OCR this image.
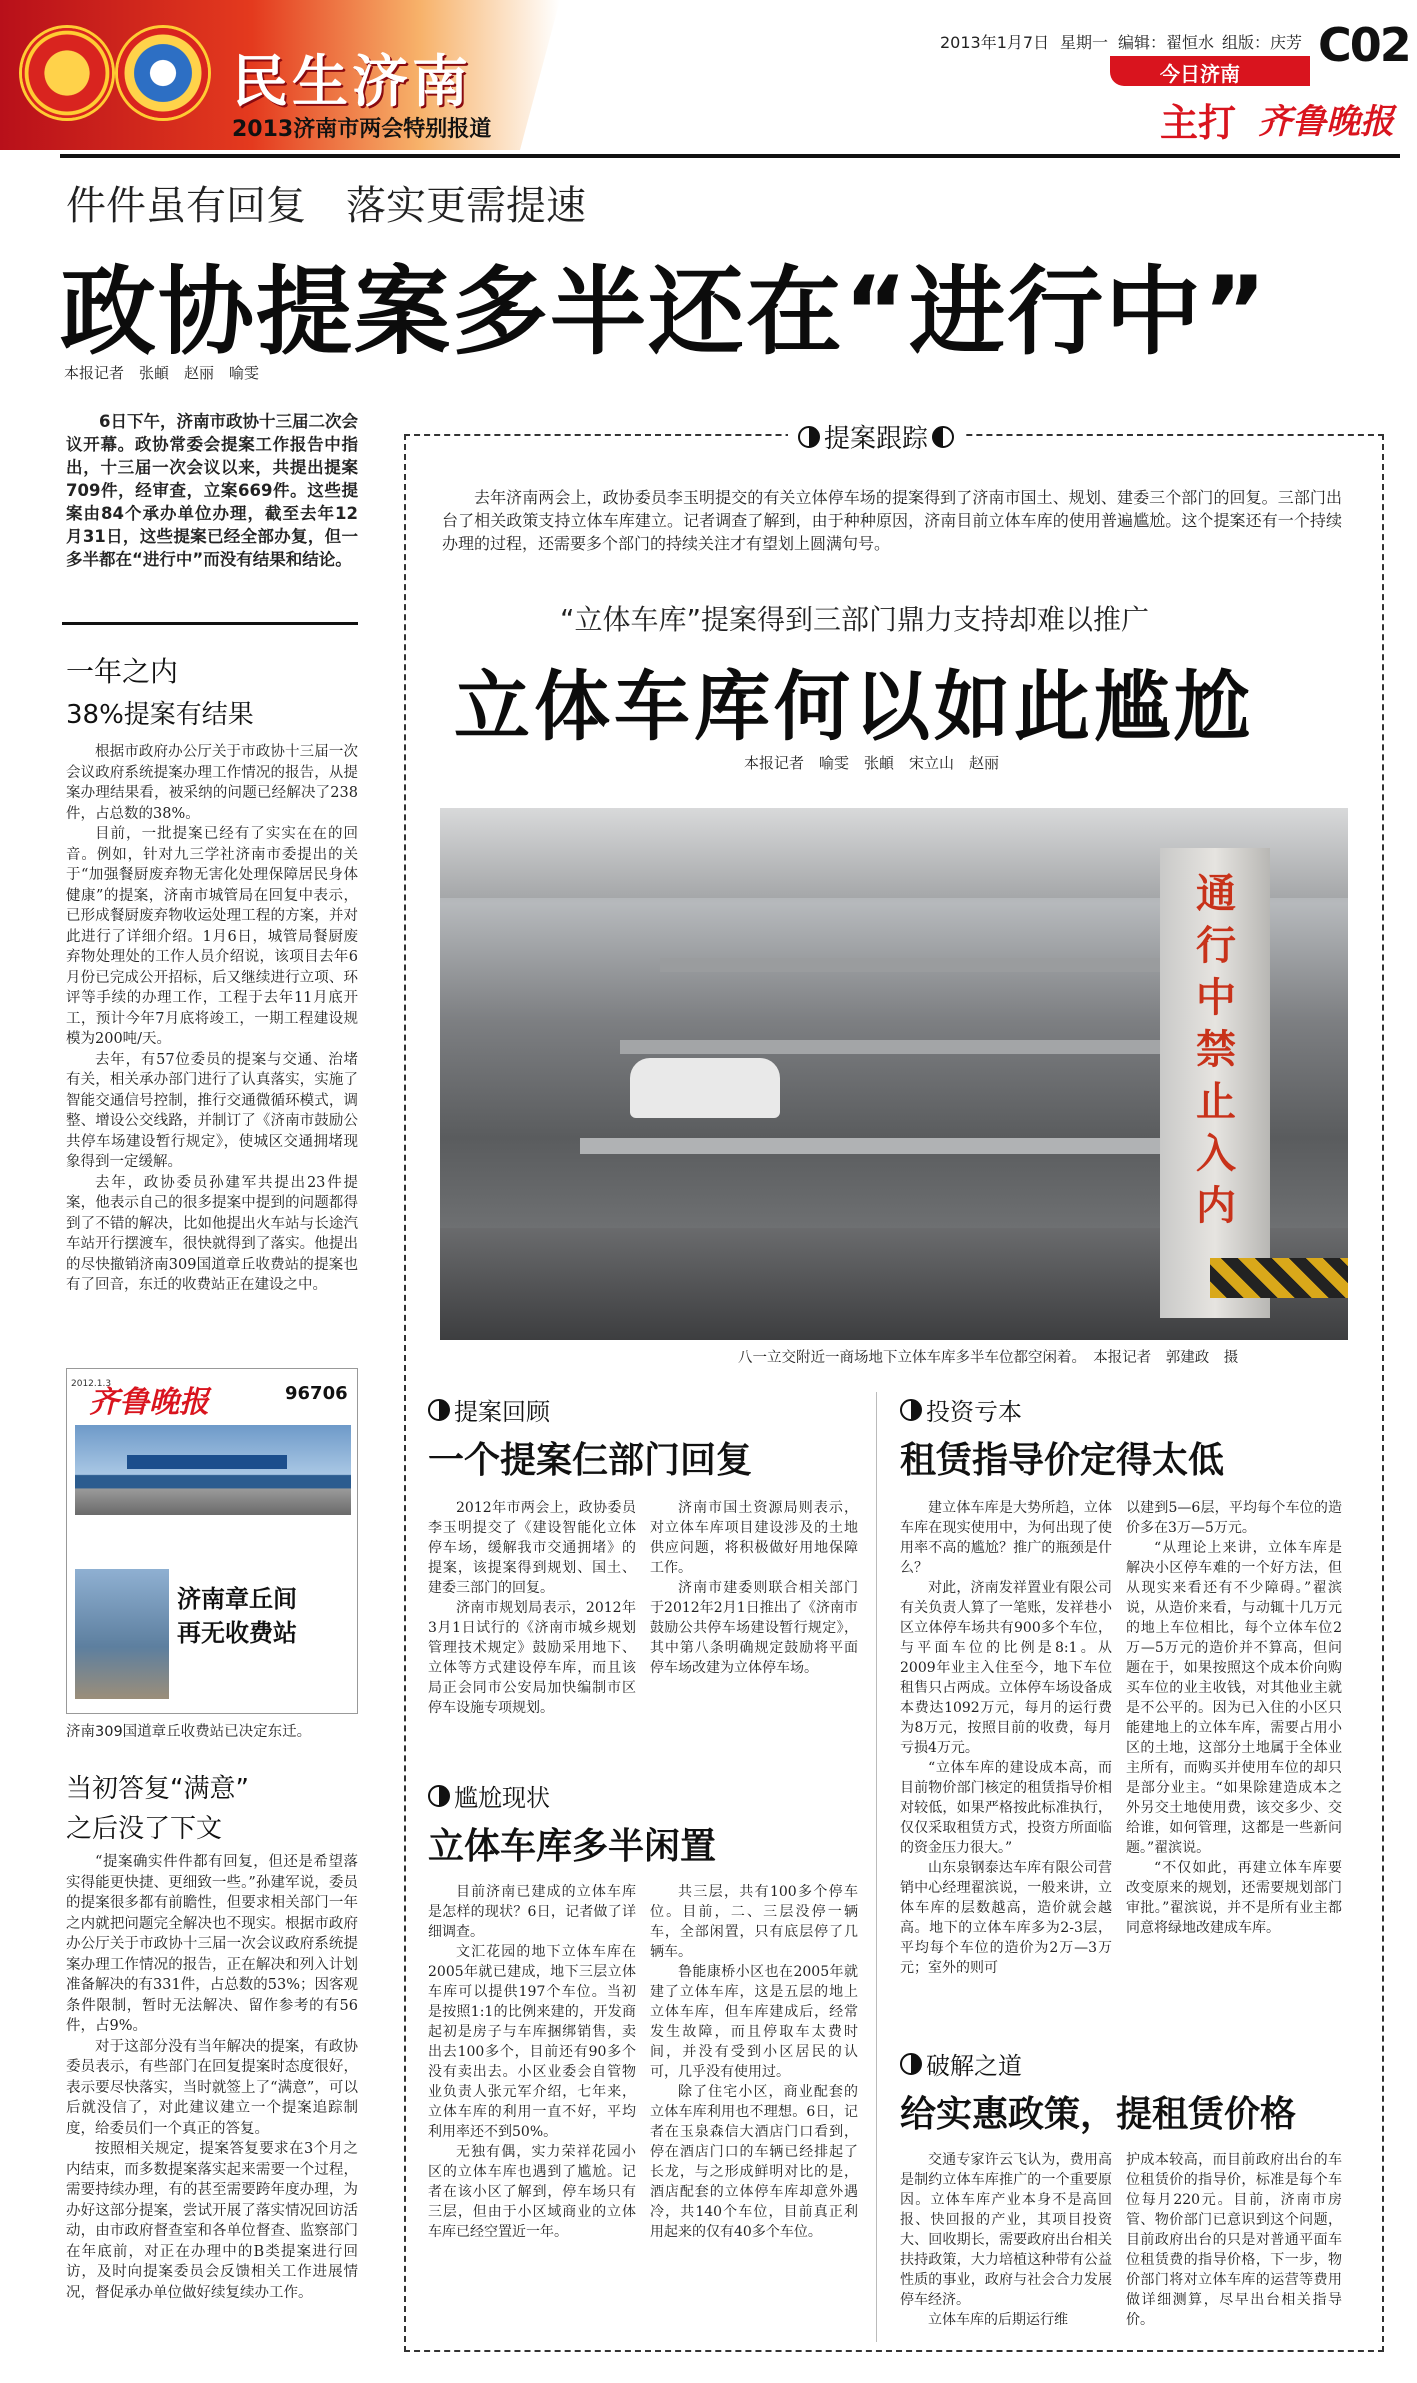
民生济南
2013济南市两会特别报道
2013年1月7日 星期一 编辑：翟恒水 组版：庆芳 C02
今日济南
主打 齐鲁晚报
件件虽有回复　落实更需提速
政协提案多半还在“进行中”
本报记者　张頔　赵丽　喻雯
6日下午，济南市政协十三届二次会议开幕。政协常委会提案工作报告中指出，十三届一次会议以来，共提出提案709件，经审查，立案669件。这些提案由84个承办单位办理，截至去年12月31日，这些提案已经全部办复，但一多半都在“进行中”而没有结果和结论。
一年之内
38%提案有结果

根据市政府办公厅关于市政协十三届一次会议政府系统提案办理工作情况的报告，从提案办理结果看，被采纳的问题已经解决了238件，占总数的38%。

目前，一批提案已经有了实实在在的回音。例如，针对九三学社济南市委提出的关于“加强餐厨废弃物无害化处理保障居民身体健康”的提案，济南市城管局在回复中表示，已形成餐厨废弃物收运处理工程的方案，并对此进行了详细介绍。1月6日，城管局餐厨废弃物处理处的工作人员介绍说，该项目去年6月份已完成公开招标，后又继续进行立项、环评等手续的办理工作，工程于去年11月底开工，预计今年7月底将竣工，一期工程建设规模为200吨/天。

去年，有57位委员的提案与交通、治堵有关，相关承办部门进行了认真落实，实施了智能交通信号控制，推行交通微循环模式，调整、增设公交线路，并制订了《济南市鼓励公共停车场建设暂行规定》，使城区交通拥堵现象得到一定缓解。

去年，政协委员孙建军共提出23件提案，他表示自己的很多提案中提到的问题都得到了不错的解决，比如他提出火车站与长途汽车站开行摆渡车，很快就得到了落实。他提出的尽快撤销济南309国道章丘收费站的提案也有了回音，东迁的收费站正在建设之中。

齐鲁晚报
2012.1.3	96706
济南章丘间
再无收费站
济南309国道章丘收费站已决定东迁。
当初答复“满意”
之后没了下文

“提案确实件件都有回复，但还是希望落实得能更快捷、更细致一些。”孙建军说，委员的提案很多都有前瞻性，但要求相关部门一年之内就把问题完全解决也不现实。根据市政府办公厅关于市政协十三届一次会议政府系统提案办理工作情况的报告，正在解决和列入计划准备解决的有331件，占总数的53%；因客观条件限制，暂时无法解决、留作参考的有56件，占9%。

对于这部分没有当年解决的提案，有政协委员表示，有些部门在回复提案时态度很好，表示要尽快落实，当时就签上了“满意”，可以后就没信了，对此建议建立一个提案追踪制度，给委员们一个真正的答复。

按照相关规定，提案答复要求在3个月之内结束，而多数提案落实起来需要一个过程，需要持续办理，有的甚至需要跨年度办理，为办好这部分提案，尝试开展了落实情况回访活动，由市政府督查室和各单位督查、监察部门在年底前，对正在办理中的B类提案进行回访，及时向提案委员会反馈相关工作进展情况，督促承办单位做好续复续办工作。

提案跟踪
去年济南两会上，政协委员李玉明提交的有关立体停车场的提案得到了济南市国土、规划、建委三个部门的回复。三部门出台了相关政策支持立体车库建立。记者调查了解到，由于种种原因，济南目前立体车库的使用普遍尴尬。这个提案还有一个持续办理的过程，还需要多个部门的持续关注才有望划上圆满句号。
“立体车库”提案得到三部门鼎力支持却难以推广
立体车库何以如此尴尬
本报记者　喻雯　张頔　宋立山　赵丽
通行中禁止入内
八一立交附近一商场地下立体车库多半车位都空闲着。　本报记者　郭建政　摄
提案回顾
一个提案仨部门回复

2012年市两会上，政协委员李玉明提交了《建设智能化立体停车场，缓解我市交通拥堵》的提案，该提案得到规划、国土、建委三部门的回复。

济南市规划局表示，2012年3月1日试行的《济南市城乡规划管理技术规定》鼓励采用地下、立体等方式建设停车库，而且该局正会同市公安局加快编制市区停车设施专项规划。

济南市国土资源局则表示，对立体车库项目建设涉及的土地供应问题，将积极做好用地保障工作。

济南市建委则联合相关部门于2012年2月1日推出了《济南市鼓励公共停车场建设暂行规定》，其中第八条明确规定鼓励将平面停车场改建为立体停车场。

尴尬现状
立体车库多半闲置

目前济南已建成的立体车库是怎样的现状？6日，记者做了详细调查。

文汇花园的地下立体车库在2005年就已建成，地下三层立体车库可以提供197个车位。当初是按照1:1的比例来建的，开发商起初是房子与车库捆绑销售，卖出去100多个，目前还有90多个没有卖出去。小区业委会自管物业负责人张元军介绍，七年来，立体车库的利用一直不好，平均利用率还不到50%。

无独有偶，实力荣祥花园小区的立体车库也遇到了尴尬。记者在该小区了解到，停车场只有三层，但由于小区域商业的立体车库已经空置近一年。

共三层，共有100多个停车位。目前，二、三层没停一辆车，全部闲置，只有底层停了几辆车。

鲁能康桥小区也在2005年就建了立体车库，这是五层的地上立体车库，但车库建成后，经常发生故障，而且停取车太费时间，并没有受到小区居民的认可，几乎没有使用过。

除了住宅小区，商业配套的立体车库利用也不理想。6日，记者在玉泉森信大酒店门口看到，停在酒店门口的车辆已经排起了长龙，与之形成鲜明对比的是，酒店配套的立体停车库却意外遇冷，共140个车位，目前真正利用起来的仅有40多个车位。

投资亏本
租赁指导价定得太低

建立体车库是大势所趋，立体车库在现实使用中，为何出现了使用率不高的尴尬？推广的瓶颈是什么？

对此，济南发祥置业有限公司有关负责人算了一笔账，发祥巷小区立体停车场共有900多个车位，与平面车位的比例是8:1。从2009年业主入住至今，地下车位租售只占两成。立体停车场设备成本费达1092万元，每月的运行费为8万元，按照目前的收费，每月亏损4万元。

“立体车库的建设成本高，而目前物价部门核定的租赁指导价相对较低，如果严格按此标准执行，仅仅采取租赁方式，投资方所面临的资金压力很大。”

山东泉钢泰达车库有限公司营销中心经理翟滨说，一般来讲，立体车库的层数越高，造价就会越高。地下的立体车库多为2-3层，平均每个车位的造价为2万—3万元；室外的则可

以建到5—6层，平均每个车位的造价多在3万—5万元。

“从理论上来讲，立体车库是解决小区停车难的一个好方法，但从现实来看还有不少障碍。”翟滨说，从造价来看，与动辄十几万元的地上车位相比，每个立体车位2万—5万元的造价并不算高，但问题在于，如果按照这个成本价向购买车位的业主收钱，对其他业主就是不公平的。因为已入住的小区只能建地上的立体车库，需要占用小区的土地，这部分土地属于全体业主所有，而购买并使用车位的却只是部分业主。“如果除建造成本之外另交土地使用费，该交多少、交给谁，如何管理，这都是一些新问题。”翟滨说。

“不仅如此，再建立体车库要改变原来的规划，还需要规划部门审批。”翟滨说，并不是所有业主都同意将绿地改建成车库。

破解之道
给实惠政策，提租赁价格

交通专家许云飞认为，费用高是制约立体车库推广的一个重要原因。立体车库产业本身不是高回报、快回报的产业，其项目投资大、回收期长，需要政府出台相关扶持政策，大力培植这种带有公益性质的事业，政府与社会合力发展停车经济。

立体车库的后期运行维

护成本较高，而目前政府出台的车位租赁价的指导价，标准是每个车位每月220元。目前，济南市房管、物价部门已意识到这个问题，目前政府出台的只是对普通平面车位租赁费的指导价格，下一步，物价部门将对立体车库的运营等费用做详细测算，尽早出台相关指导价。
